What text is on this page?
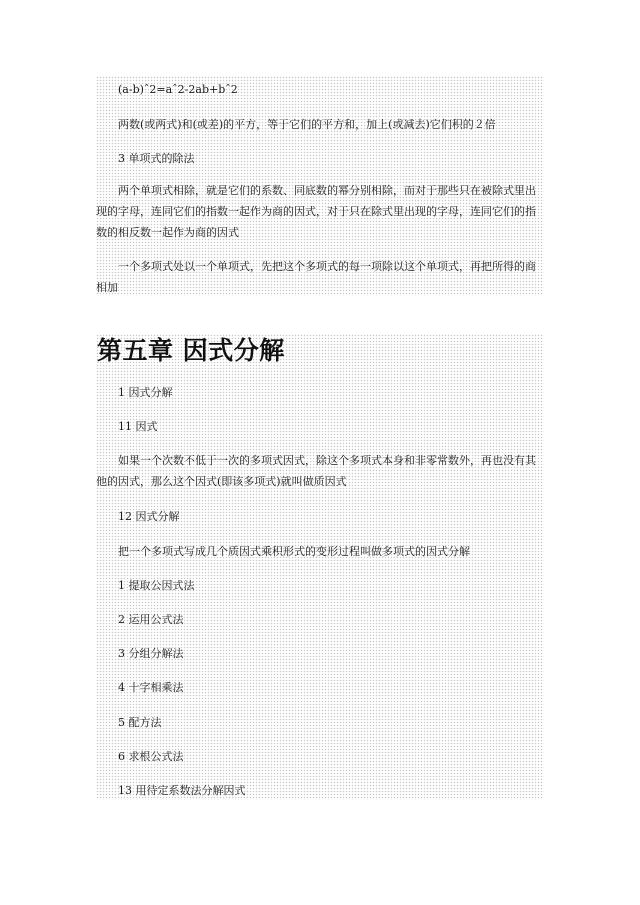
(a-b)ˆ2=aˆ2-2ab+bˆ2

两数(或两式)和(或差)的平方，等于它们的平方和，加上(或减去)它们积的２倍

3 单项式的除法

两个单项式相除，就是它们的系数、同底数的幂分别相除，而对于那些只在被除式里出现的字母，连同它们的指数一起作为商的因式，对于只在除式里出现的字母，连同它们的指数的相反数一起作为商的因式

一个多项式处以一个单项式，先把这个多项式的每一项除以这个单项式，再把所得的商相加

第五章 因式分解

1 因式分解

11 因式

如果一个次数不低于一次的多项式因式，除这个多项式本身和非零常数外，再也没有其他的因式，那么这个因式(即该多项式)就叫做质因式

12 因式分解

把一个多项式写成几个质因式乘积形式的变形过程叫做多项式的因式分解

1 提取公因式法

2 运用公式法

3 分组分解法

4 十字相乘法

5 配方法

6 求根公式法

13 用待定系数法分解因式
